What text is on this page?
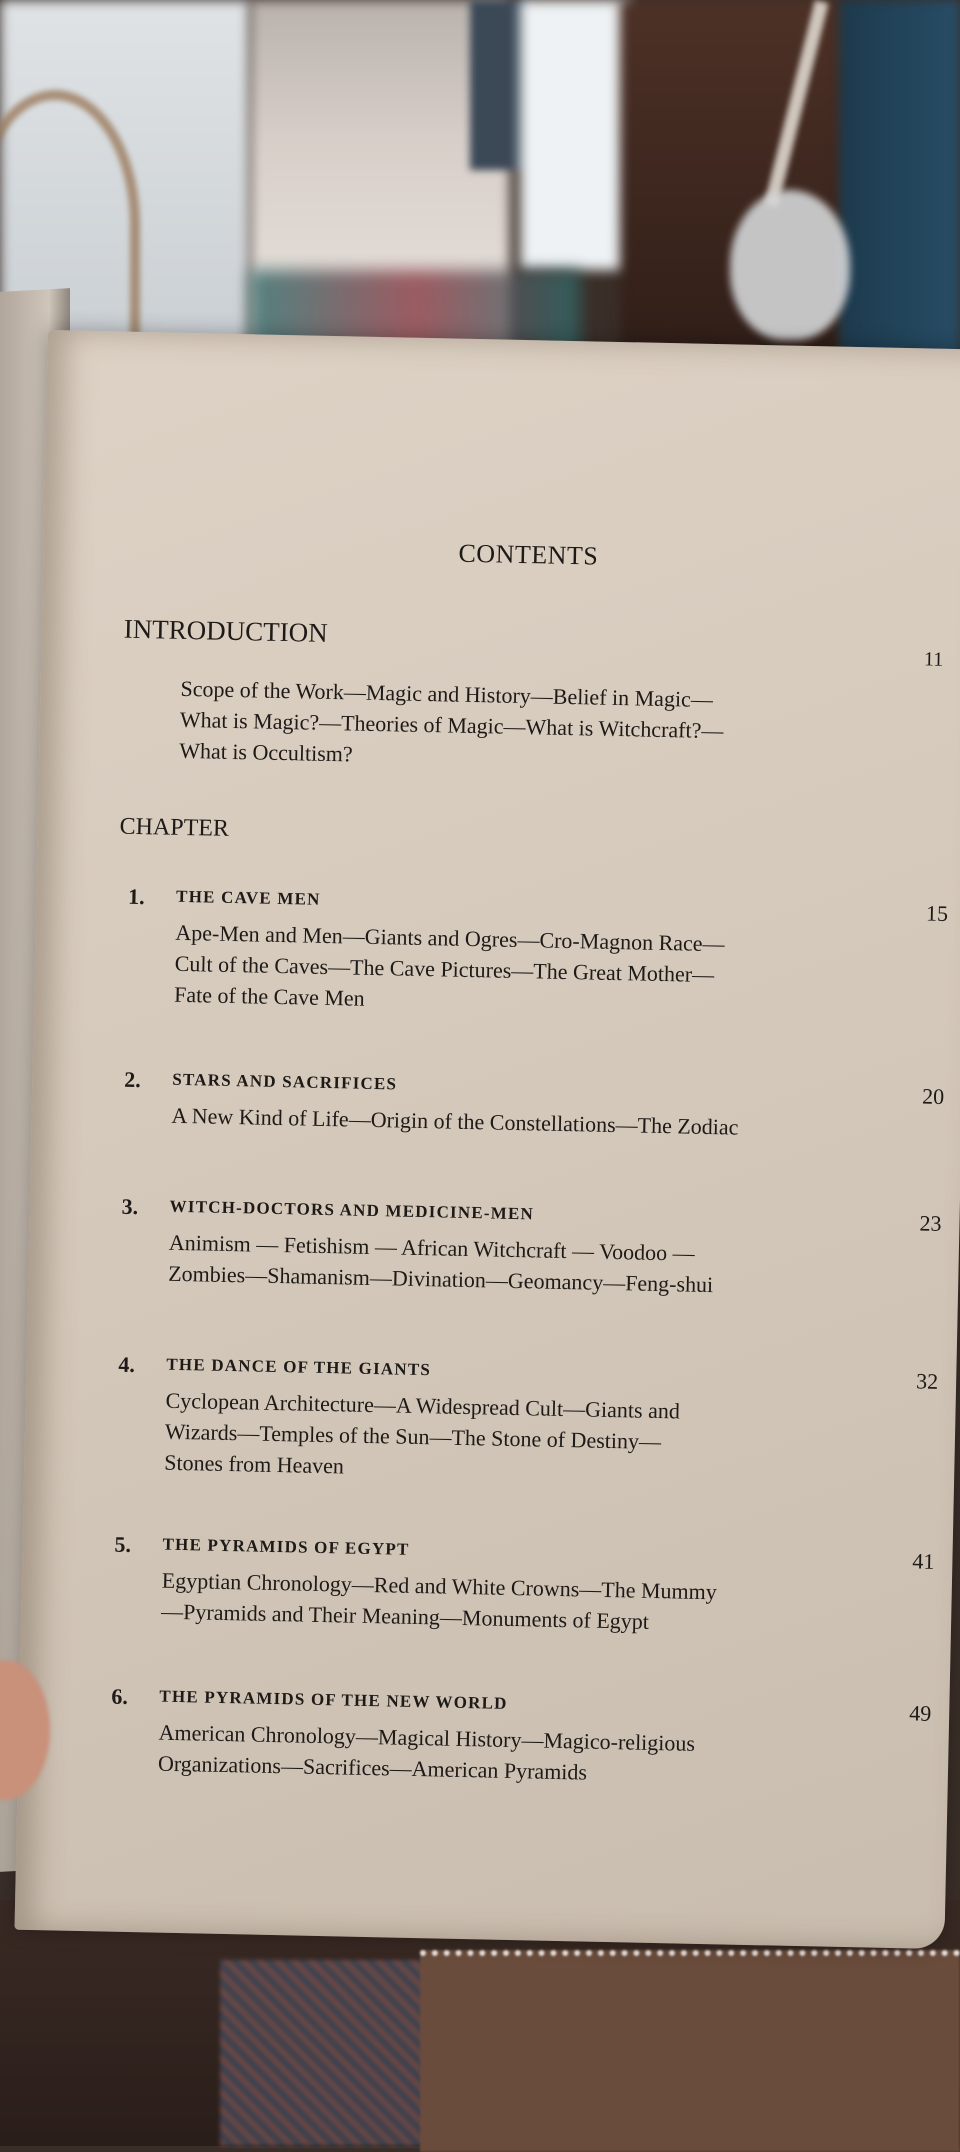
CONTENTS
INTRODUCTION
11
Scope of the Work—Magic and History—Belief in Magic—
What is Magic?—Theories of Magic—What is Witchcraft?—
What is Occultism?
CHAPTER
1. THE CAVE MEN
15
Ape-Men and Men—Giants and Ogres—Cro-Magnon Race—
Cult of the Caves—The Cave Pictures—The Great Mother—
Fate of the Cave Men
2. STARS AND SACRIFICES
20
A New Kind of Life—Origin of the Constellations—The Zodiac
3. WITCH-DOCTORS AND MEDICINE-MEN	23
Animism — Fetishism — African Witchcraft — Voodoo —
Zombies—Shamanism—Divination—Geomancy—Feng-shui
4. THE DANCE OF THE GIANTS
32
Cyclopean Architecture—A Widespread Cult—Giants and
Wizards—Temples of the Sun—The Stone of Destiny—
Stones from Heaven
5. THE PYRAMIDS OF EGYPT
41
Egyptian Chronology—Red and White Crowns—The Mummy
—Pyramids and Their Meaning—Monuments of Egypt
6. THE PYRAMIDS OF THE NEW WORLD
49
American Chronology—Magical History—Magico-religious
Organizations—Sacrifices—American Pyramids
